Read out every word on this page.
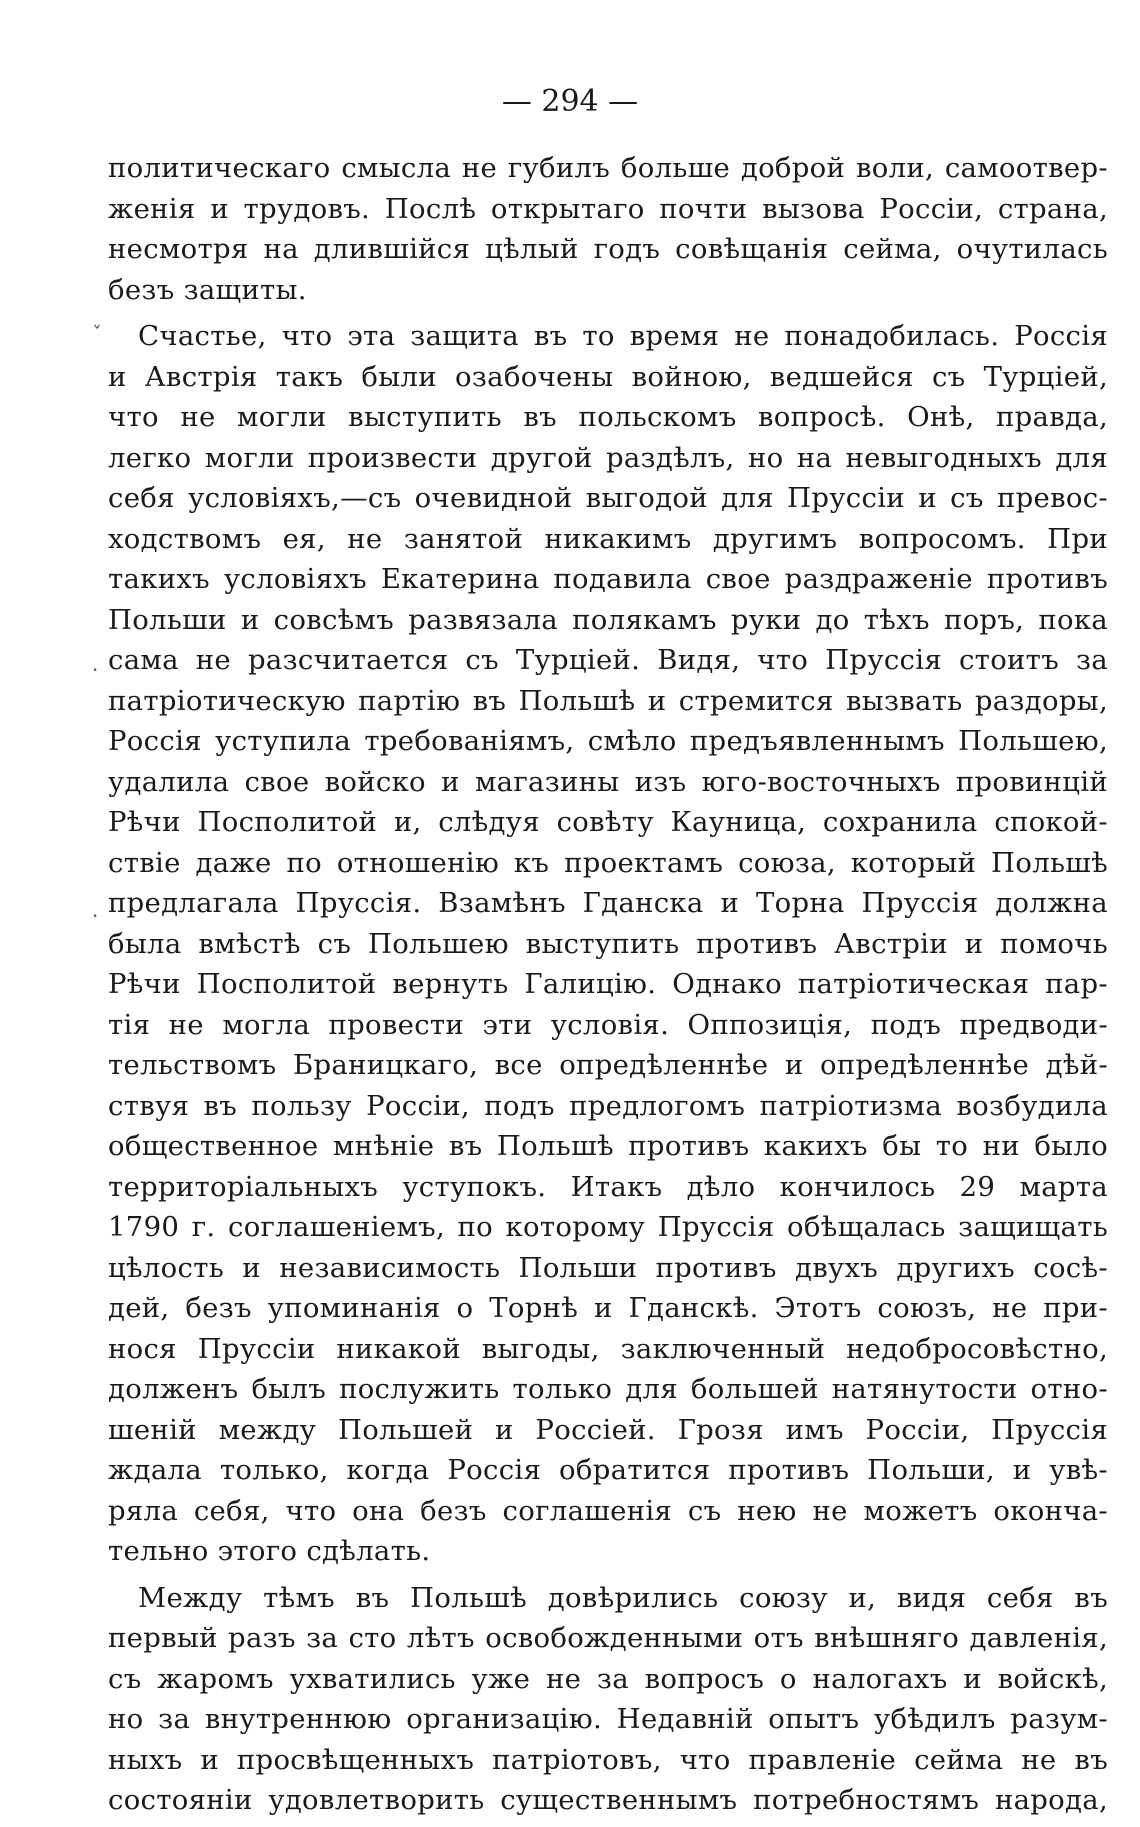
— 294 —
ˇ
.
.
политическаго смысла не губилъ больше доброй воли, самоотвер-
женія и трудовъ. Послѣ открытаго почти вызова Россіи, страна,
несмотря на длившійся цѣлый годъ совѣщанія сейма, очутилась
безъ защиты.
Счастье, что эта защита въ то время не понадобилась. Россія
и Австрія такъ были озабочены войною, ведшейся съ Турціей,
что не могли выступить въ польскомъ вопросѣ. Онѣ, правда,
легко могли произвести другой раздѣлъ, но на невыгодныхъ для
себя условіяхъ,—съ очевидной выгодой для Пруссіи и съ превос-
ходствомъ ея, не занятой никакимъ другимъ вопросомъ. При
такихъ условіяхъ Екатерина подавила свое раздраженіе противъ
Польши и совсѣмъ развязала полякамъ руки до тѣхъ поръ, пока
сама не разсчитается съ Турціей. Видя, что Пруссія стоитъ за
патріотическую партію въ Польшѣ и стремится вызвать раздоры,
Россія уступила требованіямъ, смѣло предъявленнымъ Польшею,
удалила свое войско и магазины изъ юго-восточныхъ провинцій
Рѣчи Посполитой и, слѣдуя совѣту Кауница, сохранила спокой-
ствіе даже по отношенію къ проектамъ союза, который Польшѣ
предлагала Пруссія. Взамѣнъ Гданска и Торна Пруссія должна
была вмѣстѣ съ Польшею выступить противъ Австріи и помочь
Рѣчи Посполитой вернуть Галицію. Однако патріотическая пар-
тія не могла провести эти условія. Оппозиція, подъ предводи-
тельствомъ Браницкаго, все опредѣленнѣе и опредѣленнѣе дѣй-
ствуя въ пользу Россіи, подъ предлогомъ патріотизма возбудила
общественное мнѣніе въ Польшѣ противъ какихъ бы то ни было
территоріальныхъ уступокъ. Итакъ дѣло кончилось 29 марта
1790 г. соглашеніемъ, по которому Пруссія обѣщалась защищать
цѣлость и независимость Польши противъ двухъ другихъ сосѣ-
дей, безъ упоминанія о Торнѣ и Гданскѣ. Этотъ союзъ, не при-
нося Пруссіи никакой выгоды, заключенный недобросовѣстно,
долженъ былъ послужить только для большей натянутости отно-
шеній между Польшей и Россіей. Грозя имъ Россіи, Пруссія
ждала только, когда Россія обратится противъ Польши, и увѣ-
ряла себя, что она безъ соглашенія съ нею не можетъ оконча-
тельно этого сдѣлать.
Между тѣмъ въ Польшѣ довѣрились союзу и, видя себя въ
первый разъ за сто лѣтъ освобожденными отъ внѣшняго давленія,
съ жаромъ ухватились уже не за вопросъ о налогахъ и войскѣ,
но за внутреннюю организацію. Недавній опытъ убѣдилъ разум-
ныхъ и просвѣщенныхъ патріотовъ, что правленіе сейма не въ
состояніи удовлетворить существеннымъ потребностямъ народа,
